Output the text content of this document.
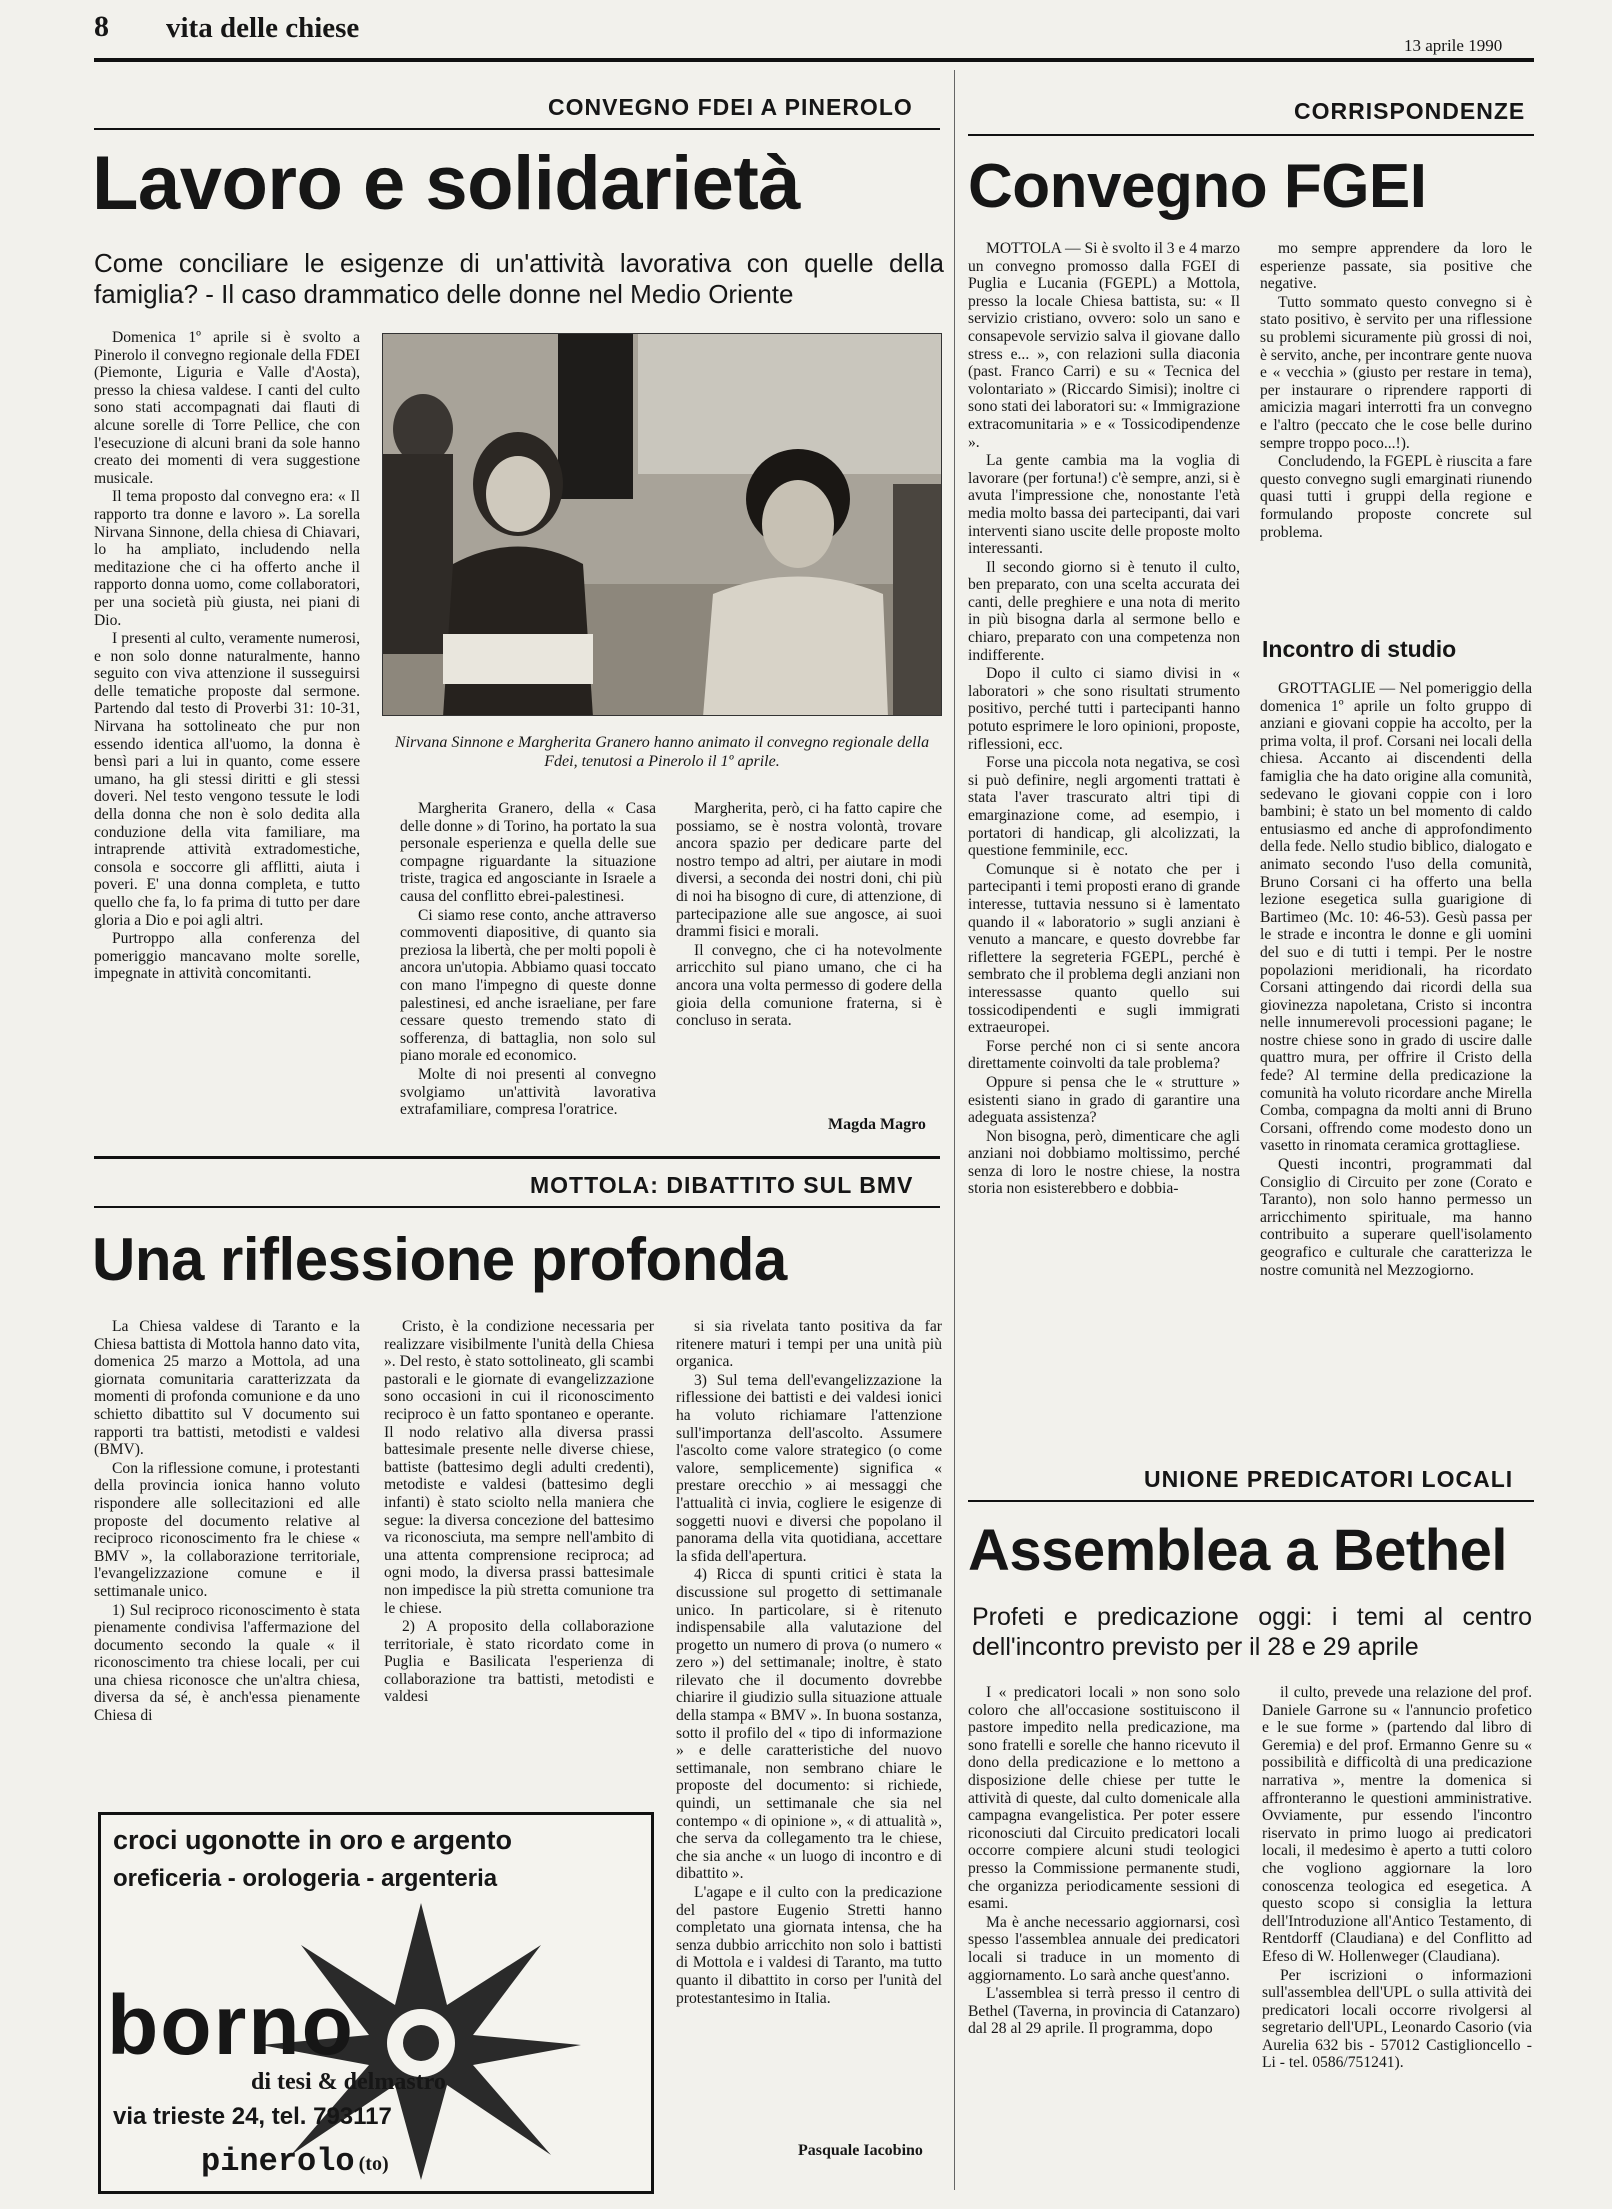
8 vita delle chiese
13 aprile 1990
CONVEGNO FDEI A PINEROLO
Lavoro e solidarietà
Come conciliare le esigenze di un'attività lavorativa con quelle della famiglia? - Il caso drammatico delle donne nel Medio Oriente

Domenica 1º aprile si è svolto a Pinerolo il convegno regionale della FDEI (Piemonte, Liguria e Valle d'Aosta), presso la chiesa valdese. I canti del culto sono stati accompagnati dai flauti di alcune sorelle di Torre Pellice, che con l'esecuzione di alcuni brani da sole hanno creato dei momenti di vera suggestione musicale.

Il tema proposto dal convegno era: « Il rapporto tra donne e lavoro ». La sorella Nirvana Sinnone, della chiesa di Chiavari, lo ha ampliato, includendo nella meditazione che ci ha offerto anche il rapporto donna uomo, come collaboratori, per una società più giusta, nei piani di Dio.

I presenti al culto, veramente numerosi, e non solo donne naturalmente, hanno seguito con viva attenzione il susseguirsi delle tematiche proposte dal sermone. Partendo dal testo di Proverbi 31: 10-31, Nirvana ha sottolineato che pur non essendo identica all'uomo, la donna è bensì pari a lui in quanto, come essere umano, ha gli stessi diritti e gli stessi doveri. Nel testo vengono tessute le lodi della donna che non è solo dedita alla conduzione della vita familiare, ma intraprende attività extradomestiche, consola e soccorre gli afflitti, aiuta i poveri. E' una donna completa, e tutto quello che fa, lo fa prima di tutto per dare gloria a Dio e poi agli altri.

Purtroppo alla conferenza del pomeriggio mancavano molte sorelle, impegnate in attività concomitanti.

Nirvana Sinnone e Margherita Granero hanno animato il convegno regionale della Fdei, tenutosi a Pinerolo il 1º aprile.

Margherita Granero, della « Casa delle donne » di Torino, ha portato la sua personale esperienza e quella delle sue compagne riguardante la situazione triste, tragica ed angosciante in Israele a causa del conflitto ebrei-palestinesi.

Ci siamo rese conto, anche attraverso commoventi diapositive, di quanto sia preziosa la libertà, che per molti popoli è ancora un'utopia. Abbiamo quasi toccato con mano l'impegno di queste donne palestinesi, ed anche israeliane, per fare cessare questo tremendo stato di sofferenza, di battaglia, non solo sul piano morale ed economico.

Molte di noi presenti al convegno svolgiamo un'attività lavorativa extrafamiliare, compresa l'oratrice.

Margherita, però, ci ha fatto capire che possiamo, se è nostra volontà, trovare ancora spazio per dedicare parte del nostro tempo ad altri, per aiutare in modi diversi, a seconda dei nostri doni, chi più di noi ha bisogno di cure, di attenzione, di partecipazione alle sue angosce, ai suoi drammi fisici e morali.

Il convegno, che ci ha notevolmente arricchito sul piano umano, che ci ha ancora una volta permesso di godere della gioia della comunione fraterna, si è concluso in serata.

Magda Magro
MOTTOLA: DIBATTITO SUL BMV
Una riflessione profonda

La Chiesa valdese di Taranto e la Chiesa battista di Mottola hanno dato vita, domenica 25 marzo a Mottola, ad una giornata comunitaria caratterizzata da momenti di profonda comunione e da uno schietto dibattito sul V documento sui rapporti tra battisti, metodisti e valdesi (BMV).

Con la riflessione comune, i protestanti della provincia ionica hanno voluto rispondere alle sollecitazioni ed alle proposte del documento relative al reciproco riconoscimento fra le chiese « BMV », la collaborazione territoriale, l'evangelizzazione comune e il settimanale unico.

1) Sul reciproco riconoscimento è stata pienamente condivisa l'affermazione del documento secondo la quale « il riconoscimento tra chiese locali, per cui una chiesa riconosce che un'altra chiesa, diversa da sé, è anch'essa pienamente Chiesa di

Cristo, è la condizione necessaria per realizzare visibilmente l'unità della Chiesa ». Del resto, è stato sottolineato, gli scambi pastorali e le giornate di evangelizzazione sono occasioni in cui il riconoscimento reciproco è un fatto spontaneo e operante. Il nodo relativo alla diversa prassi battesimale presente nelle diverse chiese, battiste (battesimo degli adulti credenti), metodiste e valdesi (battesimo degli infanti) è stato sciolto nella maniera che segue: la diversa concezione del battesimo va riconosciuta, ma sempre nell'ambito di una attenta comprensione reciproca; ad ogni modo, la diversa prassi battesimale non impedisce la più stretta comunione tra le chiese.

2) A proposito della collaborazione territoriale, è stato ricordato come in Puglia e Basilicata l'esperienza di collaborazione tra battisti, metodisti e valdesi

si sia rivelata tanto positiva da far ritenere maturi i tempi per una unità più organica.

3) Sul tema dell'evangelizzazione la riflessione dei battisti e dei valdesi ionici ha voluto richiamare l'attenzione sull'importanza dell'ascolto. Assumere l'ascolto come valore strategico (o come valore, semplicemente) significa « prestare orecchio » ai messaggi che l'attualità ci invia, cogliere le esigenze di soggetti nuovi e diversi che popolano il panorama della vita quotidiana, accettare la sfida dell'apertura.

4) Ricca di spunti critici è stata la discussione sul progetto di settimanale unico. In particolare, si è ritenuto indispensabile alla valutazione del progetto un numero di prova (o numero « zero ») del settimanale; inoltre, è stato rilevato che il documento dovrebbe chiarire il giudizio sulla situazione attuale della stampa « BMV ». In buona sostanza, sotto il profilo del « tipo di informazione » e delle caratteristiche del nuovo settimanale, non sembrano chiare le proposte del documento: si richiede, quindi, un settimanale che sia nel contempo « di opinione », « di attualità », che serva da collegamento tra le chiese, che sia anche « un luogo di incontro e di dibattito ».

L'agape e il culto con la predicazione del pastore Eugenio Stretti hanno completato una giornata intensa, che ha senza dubbio arricchito non solo i battisti di Mottola e i valdesi di Taranto, ma tutto quanto il dibattito in corso per l'unità del protestantesimo in Italia.

Pasquale Iacobino
croci ugonotte in oro e argento
oreficeria - orologeria - argenteria
borno
di tesi & delmastro
via trieste 24, tel. 793117
pinerolo (to)
CORRISPONDENZE
Convegno FGEI

MOTTOLA — Si è svolto il 3 e 4 marzo un convegno promosso dalla FGEI di Puglia e Lucania (FGEPL) a Mottola, presso la locale Chiesa battista, su: « Il servizio cristiano, ovvero: solo un sano e consapevole servizio salva il giovane dallo stress e... », con relazioni sulla diaconia (past. Franco Carri) e su « Tecnica del volontariato » (Riccardo Simisi); inoltre ci sono stati dei laboratori su: « Immigrazione extracomunitaria » e « Tossicodipendenze ».

La gente cambia ma la voglia di lavorare (per fortuna!) c'è sempre, anzi, si è avuta l'impressione che, nonostante l'età media molto bassa dei partecipanti, dai vari interventi siano uscite delle proposte molto interessanti.

Il secondo giorno si è tenuto il culto, ben preparato, con una scelta accurata dei canti, delle preghiere e una nota di merito in più bisogna darla al sermone bello e chiaro, preparato con una competenza non indifferente.

Dopo il culto ci siamo divisi in « laboratori » che sono risultati strumento positivo, perché tutti i partecipanti hanno potuto esprimere le loro opinioni, proposte, riflessioni, ecc.

Forse una piccola nota negativa, se così si può definire, negli argomenti trattati è stata l'aver trascurato altri tipi di emarginazione come, ad esempio, i portatori di handicap, gli alcolizzati, la questione femminile, ecc.

Comunque si è notato che per i partecipanti i temi proposti erano di grande interesse, tuttavia nessuno si è lamentato quando il « laboratorio » sugli anziani è venuto a mancare, e questo dovrebbe far riflettere la segreteria FGEPL, perché è sembrato che il problema degli anziani non interessasse quanto quello sui tossicodipendenti e sugli immigrati extraeuropei.

Forse perché non ci si sente ancora direttamente coinvolti da tale problema?

Oppure si pensa che le « strutture » esistenti siano in grado di garantire una adeguata assistenza?

Non bisogna, però, dimenticare che agli anziani noi dobbiamo moltissimo, perché senza di loro le nostre chiese, la nostra storia non esisterebbero e dobbia-

mo sempre apprendere da loro le esperienze passate, sia positive che negative.

Tutto sommato questo convegno si è stato positivo, è servito per una riflessione su problemi sicuramente più grossi di noi, è servito, anche, per incontrare gente nuova e « vecchia » (giusto per restare in tema), per instaurare o riprendere rapporti di amicizia magari interrotti fra un convegno e l'altro (peccato che le cose belle durino sempre troppo poco...!).

Concludendo, la FGEPL è riuscita a fare questo convegno sugli emarginati riunendo quasi tutti i gruppi della regione e formulando proposte concrete sul problema.

Incontro di studio

GROTTAGLIE — Nel pomeriggio della domenica 1º aprile un folto gruppo di anziani e giovani coppie ha accolto, per la prima volta, il prof. Corsani nei locali della chiesa. Accanto ai discendenti della famiglia che ha dato origine alla comunità, sedevano le giovani coppie con i loro bambini; è stato un bel momento di caldo entusiasmo ed anche di approfondimento della fede. Nello studio biblico, dialogato e animato secondo l'uso della comunità, Bruno Corsani ci ha offerto una bella lezione esegetica sulla guarigione di Bartimeo (Mc. 10: 46-53). Gesù passa per le strade e incontra le donne e gli uomini del suo e di tutti i tempi. Per le nostre popolazioni meridionali, ha ricordato Corsani attingendo dai ricordi della sua giovinezza napoletana, Cristo si incontra nelle innumerevoli processioni pagane; le nostre chiese sono in grado di uscire dalle quattro mura, per offrire il Cristo della fede? Al termine della predicazione la comunità ha voluto ricordare anche Mirella Comba, compagna da molti anni di Bruno Corsani, offrendo come modesto dono un vasetto in rinomata ceramica grottagliese.

Questi incontri, programmati dal Consiglio di Circuito per zone (Corato e Taranto), non solo hanno permesso un arricchimento spirituale, ma hanno contribuito a superare quell'isolamento geografico e culturale che caratterizza le nostre comunità nel Mezzogiorno.

UNIONE PREDICATORI LOCALI
Assemblea a Bethel
Profeti e predicazione oggi: i temi al centro dell'incontro previsto per il 28 e 29 aprile

I « predicatori locali » non sono solo coloro che all'occasione sostituiscono il pastore impedito nella predicazione, ma sono fratelli e sorelle che hanno ricevuto il dono della predicazione e lo mettono a disposizione delle chiese per tutte le attività di queste, dal culto domenicale alla campagna evangelistica. Per poter essere riconosciuti dal Circuito predicatori locali occorre compiere alcuni studi teologici presso la Commissione permanente studi, che organizza periodicamente sessioni di esami.

Ma è anche necessario aggiornarsi, così spesso l'assemblea annuale dei predicatori locali si traduce in un momento di aggiornamento. Lo sarà anche quest'anno.

L'assemblea si terrà presso il centro di Bethel (Taverna, in provincia di Catanzaro) dal 28 al 29 aprile. Il programma, dopo

il culto, prevede una relazione del prof. Daniele Garrone su « l'annuncio profetico e le sue forme » (partendo dal libro di Geremia) e del prof. Ermanno Genre su « possibilità e difficoltà di una predicazione narrativa », mentre la domenica si affronteranno le questioni amministrative. Ovviamente, pur essendo l'incontro riservato in primo luogo ai predicatori locali, il medesimo è aperto a tutti coloro che vogliono aggiornare la loro conoscenza teologica ed esegetica. A questo scopo si consiglia la lettura dell'Introduzione all'Antico Testamento, di Rentdorff (Claudiana) e del Conflitto ad Efeso di W. Hollenweger (Claudiana).

Per iscrizioni o informazioni sull'assemblea dell'UPL o sulla attività dei predicatori locali occorre rivolgersi al segretario dell'UPL, Leonardo Casorio (via Aurelia 632 bis - 57012 Castiglioncello - Li - tel. 0586/751241).
